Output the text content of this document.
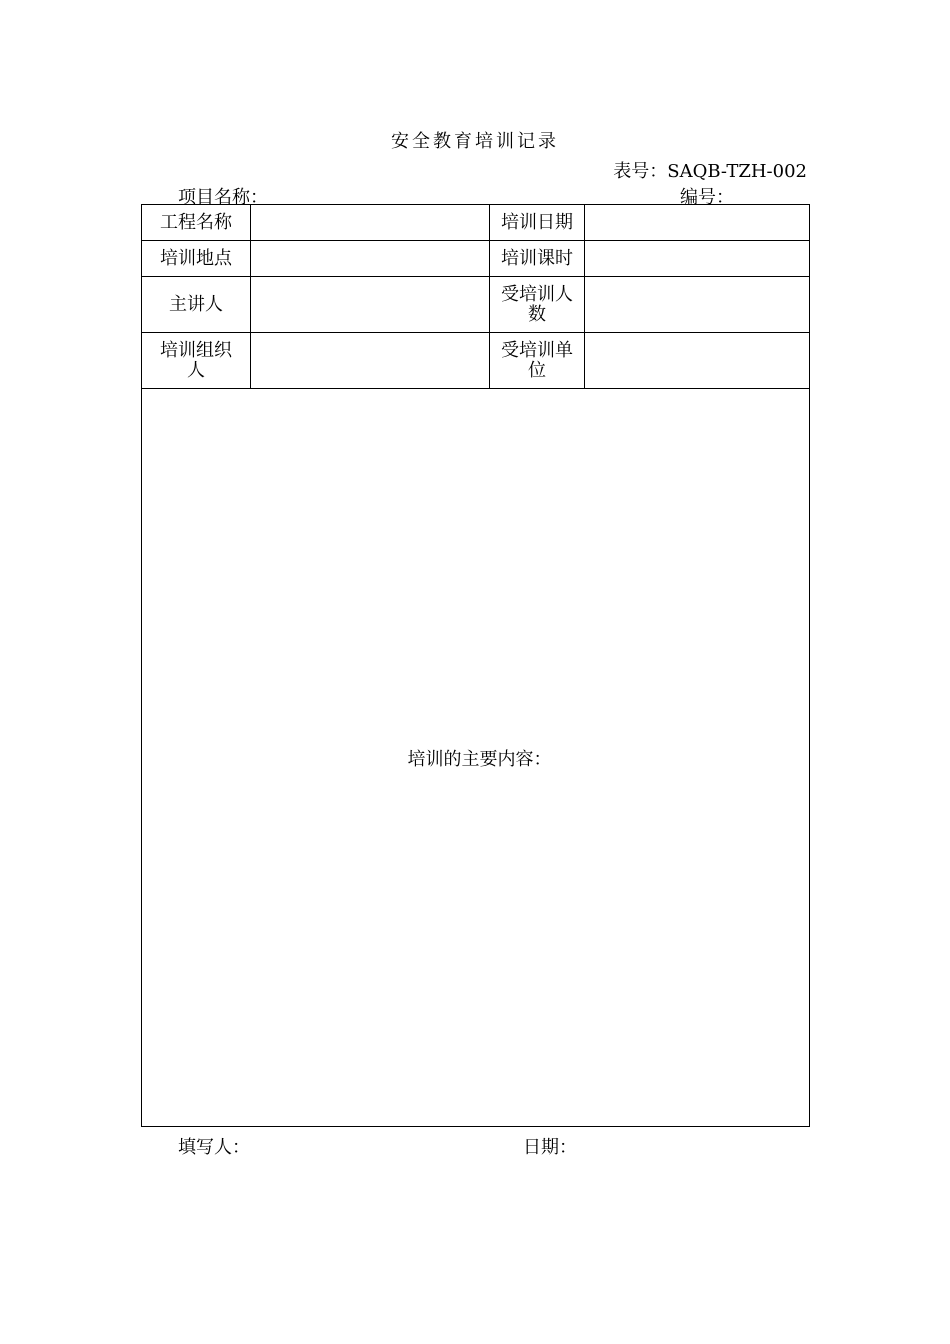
安全教育培训记录
表号：SAQB-TZH-002
项目名称：	编号：
工程名称		培训日期	
培训地点		培训课时	
主讲人		受培训人数	
培训组织人		受培训单位	

培训的主要内容：			
填写人：	日期：
